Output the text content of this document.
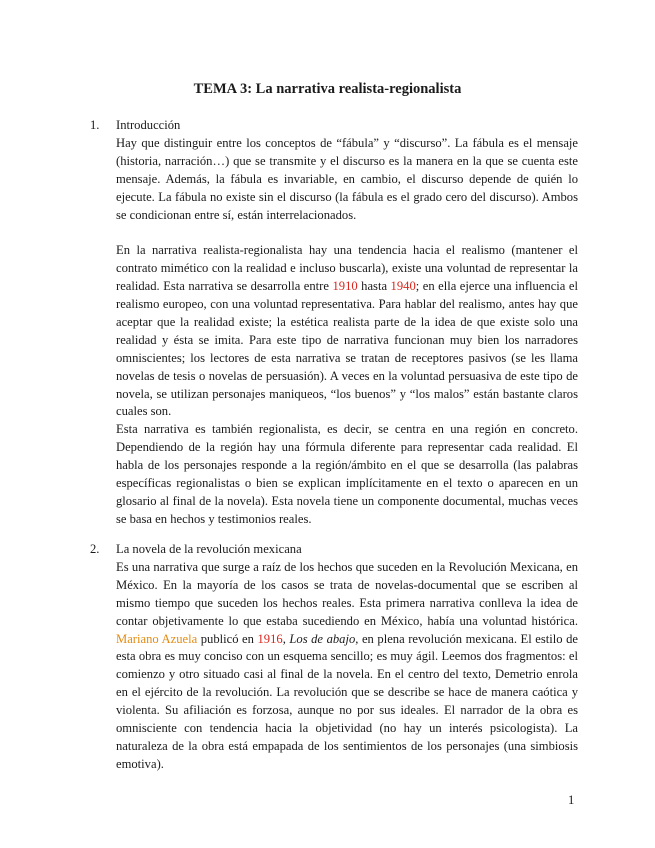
TEMA 3: La narrativa realista-regionalista
1. Introducción

Hay que distinguir entre los conceptos de “fábula” y “discurso”. La fábula es el mensaje (historia, narración…) que se transmite y el discurso es la manera en la que se cuenta este mensaje. Además, la fábula es invariable, en cambio, el discurso depende de quién lo ejecute. La fábula no existe sin el discurso (la fábula es el grado cero del discurso). Ambos se condicionan entre sí, están interrelacionados.

En la narrativa realista-regionalista hay una tendencia hacia el realismo (mantener el contrato mimético con la realidad e incluso buscarla), existe una voluntad de representar la realidad. Esta narrativa se desarrolla entre 1910 hasta 1940; en ella ejerce una influencia el realismo europeo, con una voluntad representativa. Para hablar del realismo, antes hay que aceptar que la realidad existe; la estética realista parte de la idea de que existe solo una realidad y ésta se imita. Para este tipo de narrativa funcionan muy bien los narradores omniscientes; los lectores de esta narrativa se tratan de receptores pasivos (se les llama novelas de tesis o novelas de persuasión). A veces en la voluntad persuasiva de este tipo de novela, se utilizan personajes maniqueos, “los buenos” y “los malos” están bastante claros cuales son.

Esta narrativa es también regionalista, es decir, se centra en una región en concreto. Dependiendo de la región hay una fórmula diferente para representar cada realidad. El habla de los personajes responde a la región/ámbito en el que se desarrolla (las palabras específicas regionalistas o bien se explican implícitamente en el texto o aparecen en un glosario al final de la novela). Esta novela tiene un componente documental, muchas veces se basa en hechos y testimonios reales.

2. La novela de la revolución mexicana

Es una narrativa que surge a raíz de los hechos que suceden en la Revolución Mexicana, en México. En la mayoría de los casos se trata de novelas-documental que se escriben al mismo tiempo que suceden los hechos reales. Esta primera narrativa conlleva la idea de contar objetivamente lo que estaba sucediendo en México, había una voluntad histórica. Mariano Azuela publicó en 1916, Los de abajo, en plena revolución mexicana. El estilo de esta obra es muy conciso con un esquema sencillo; es muy ágil. Leemos dos fragmentos: el comienzo y otro situado casi al final de la novela. En el centro del texto, Demetrio enrola en el ejército de la revolución. La revolución que se describe se hace de manera caótica y violenta. Su afiliación es forzosa, aunque no por sus ideales. El narrador de la obra es omnisciente con tendencia hacia la objetividad (no hay un interés psicologista). La naturaleza de la obra está empapada de los sentimientos de los personajes (una simbiosis emotiva).

1
